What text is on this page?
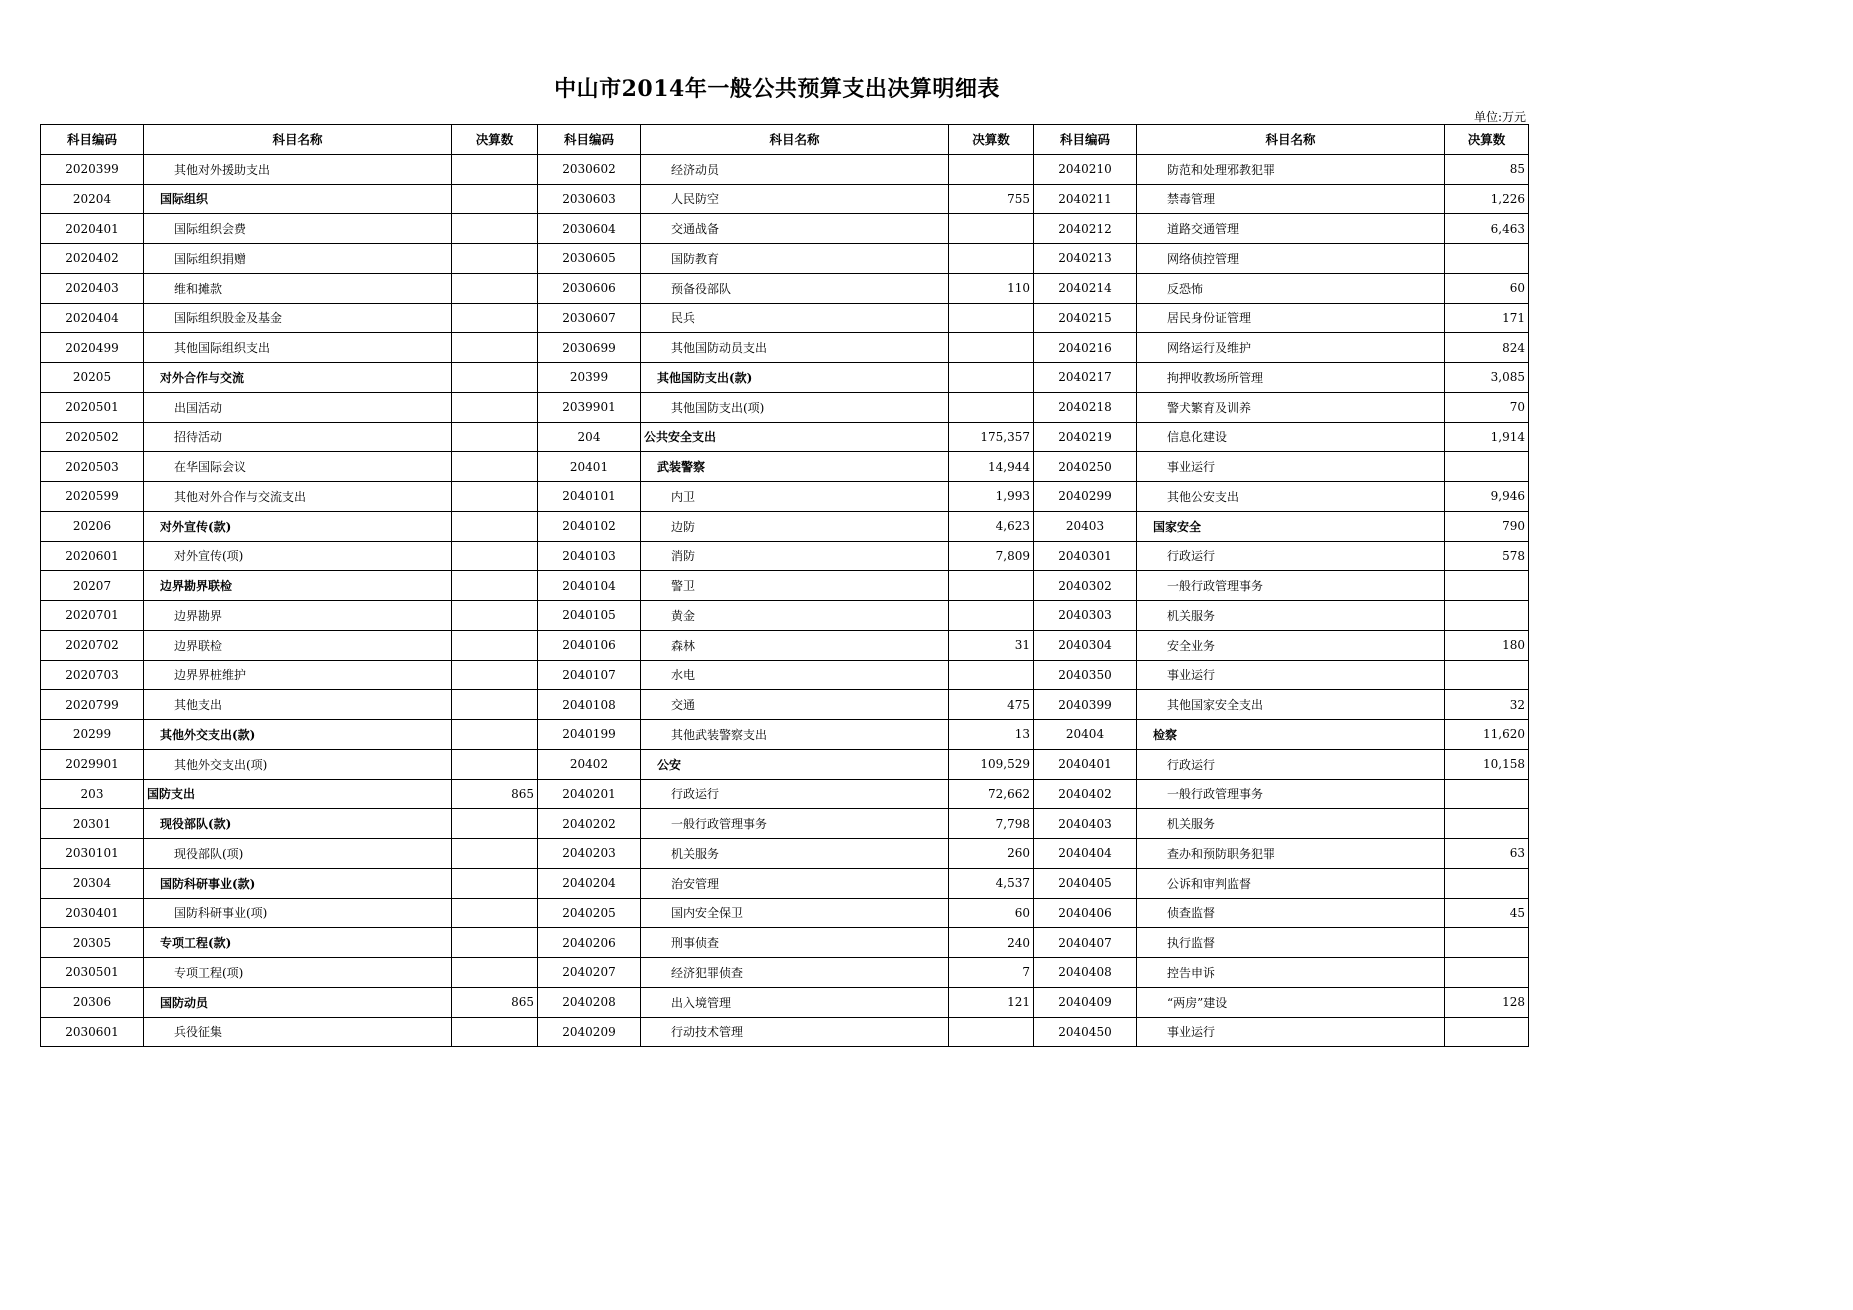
中山市2014年一般公共预算支出决算明细表
单位:万元
科目编码	科目名称	决算数	科目编码	科目名称	决算数	科目编码	科目名称	决算数
2020399	其他对外援助支出		2030602	经济动员		2040210	防范和处理邪教犯罪	85
20204	国际组织		2030603	人民防空	755	2040211	禁毒管理	1,226
2020401	国际组织会费		2030604	交通战备		2040212	道路交通管理	6,463
2020402	国际组织捐赠		2030605	国防教育		2040213	网络侦控管理	
2020403	维和摊款		2030606	预备役部队	110	2040214	反恐怖	60
2020404	国际组织股金及基金		2030607	民兵		2040215	居民身份证管理	171
2020499	其他国际组织支出		2030699	其他国防动员支出		2040216	网络运行及维护	824
20205	对外合作与交流		20399	其他国防支出(款)		2040217	拘押收教场所管理	3,085
2020501	出国活动		2039901	其他国防支出(项)		2040218	警犬繁育及训养	70
2020502	招待活动		204	公共安全支出	175,357	2040219	信息化建设	1,914
2020503	在华国际会议		20401	武装警察	14,944	2040250	事业运行	
2020599	其他对外合作与交流支出		2040101	内卫	1,993	2040299	其他公安支出	9,946
20206	对外宣传(款)		2040102	边防	4,623	20403	国家安全	790
2020601	对外宣传(项)		2040103	消防	7,809	2040301	行政运行	578
20207	边界勘界联检		2040104	警卫		2040302	一般行政管理事务	
2020701	边界勘界		2040105	黄金		2040303	机关服务	
2020702	边界联检		2040106	森林	31	2040304	安全业务	180
2020703	边界界桩维护		2040107	水电		2040350	事业运行	
2020799	其他支出		2040108	交通	475	2040399	其他国家安全支出	32
20299	其他外交支出(款)		2040199	其他武装警察支出	13	20404	检察	11,620
2029901	其他外交支出(项)		20402	公安	109,529	2040401	行政运行	10,158
203	国防支出	865	2040201	行政运行	72,662	2040402	一般行政管理事务	
20301	现役部队(款)		2040202	一般行政管理事务	7,798	2040403	机关服务	
2030101	现役部队(项)		2040203	机关服务	260	2040404	查办和预防职务犯罪	63
20304	国防科研事业(款)		2040204	治安管理	4,537	2040405	公诉和审判监督	
2030401	国防科研事业(项)		2040205	国内安全保卫	60	2040406	侦查监督	45
20305	专项工程(款)		2040206	刑事侦查	240	2040407	执行监督	
2030501	专项工程(项)		2040207	经济犯罪侦查	7	2040408	控告申诉	
20306	国防动员	865	2040208	出入境管理	121	2040409	“两房”建设	128
2030601	兵役征集		2040209	行动技术管理		2040450	事业运行	
